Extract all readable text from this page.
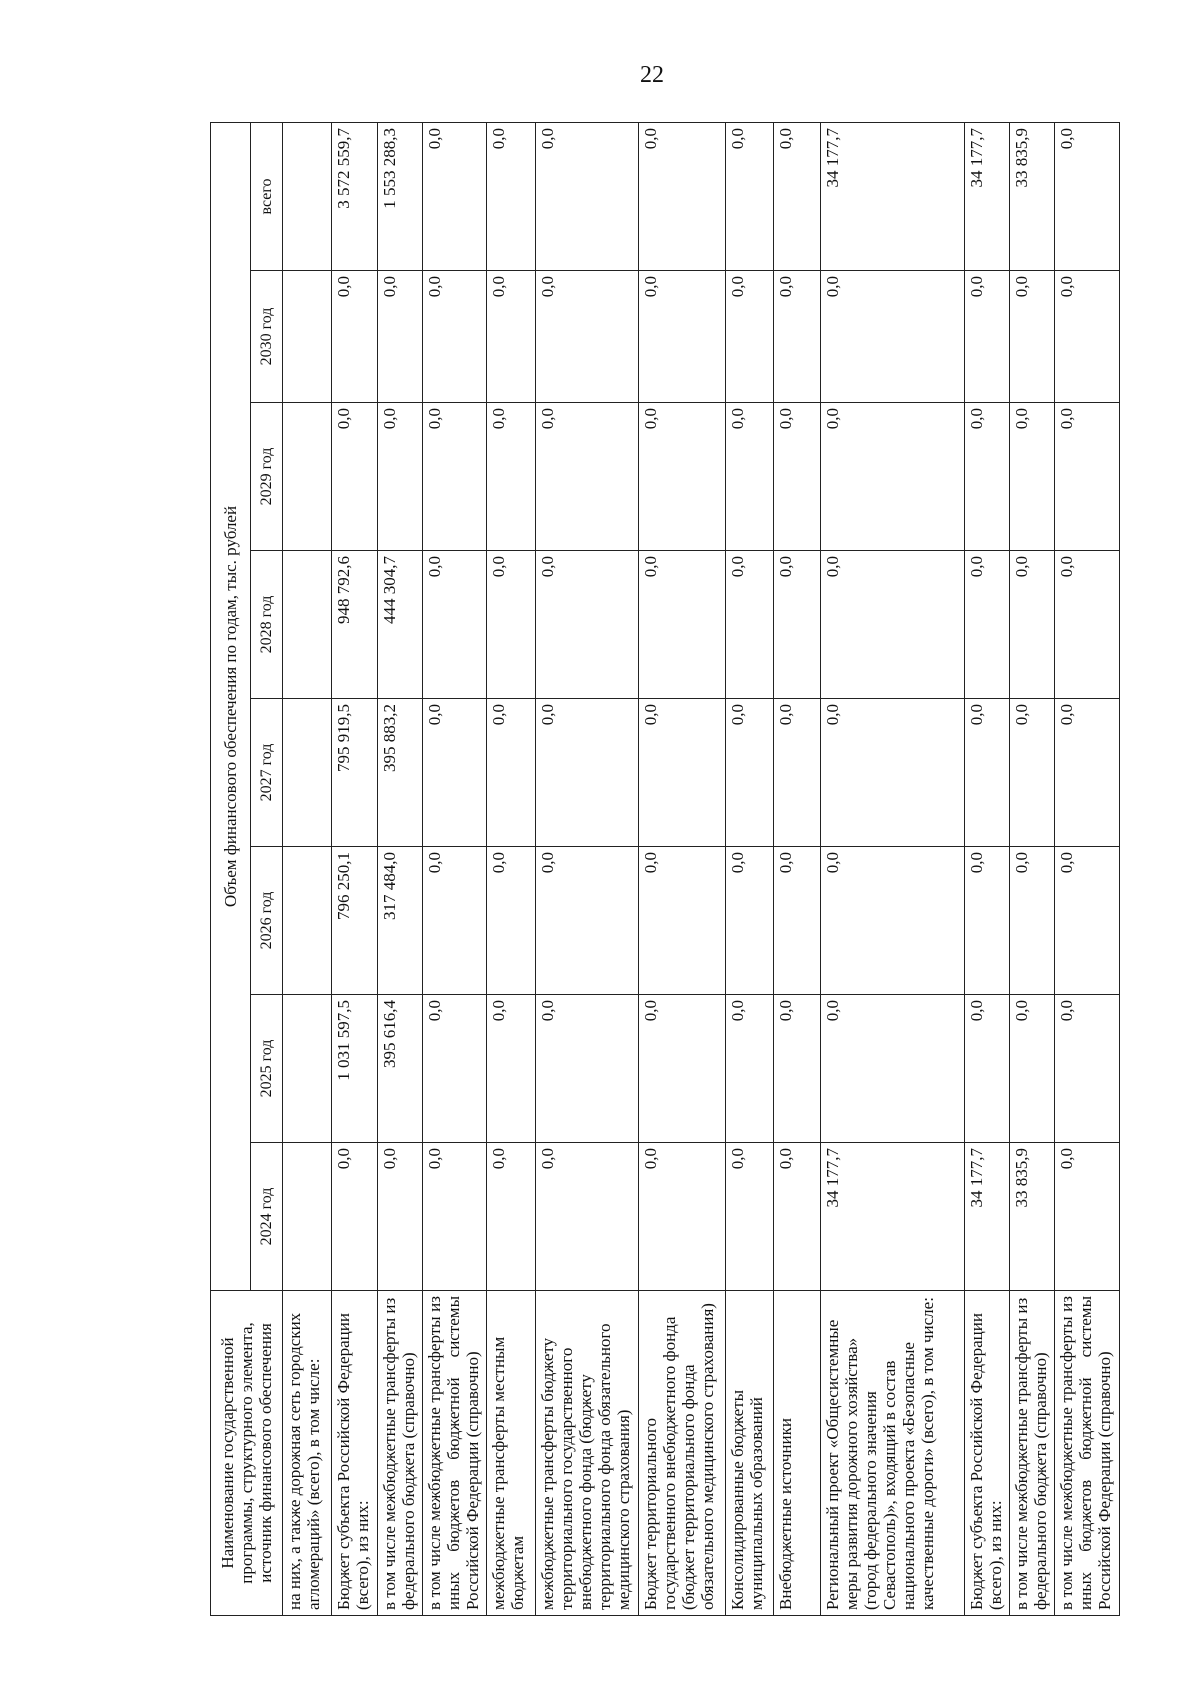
22
Наименование государственной программы, структурного элемента, источник финансового обеспечения	Объем финансового обеспечения по годам, тыс. рублей							
	2024 год	2025 год	2026 год	2027 год	2028 год	2029 год	2030 год	всего
на них, а также дорожная сеть городских агломераций» (всего), в том числе:								
Бюджет субъекта Российской Федерации (всего), из них:	0,0	1 031 597,5	796 250,1	795 919,5	948 792,6	0,0	0,0	3 572 559,7
в том числе межбюджетные трансферты из федерального бюджета (справочно)	0,0	395 616,4	317 484,0	395 883,2	444 304,7	0,0	0,0	1 553 288,3
в том числе межбюджетные трансферты из иных бюджетов бюджетной системы Российской Федерации (справочно)	0,0	0,0	0,0	0,0	0,0	0,0	0,0	0,0
межбюджетные трансферты местным бюджетам	0,0	0,0	0,0	0,0	0,0	0,0	0,0	0,0
межбюджетные трансферты бюджету территориального государственного внебюджетного фонда (бюджету территориального фонда обязательного медицинского страхования)	0,0	0,0	0,0	0,0	0,0	0,0	0,0	0,0
Бюджет территориального государственного внебюджетного фонда (бюджет территориального фонда обязательного медицинского страхования)	0,0	0,0	0,0	0,0	0,0	0,0	0,0	0,0
Консолидированные бюджеты муниципальных образований	0,0	0,0	0,0	0,0	0,0	0,0	0,0	0,0
Внебюджетные источники	0,0	0,0	0,0	0,0	0,0	0,0	0,0	0,0
Региональный проект «Общесистемные меры развития дорожного хозяйства» (город федерального значения Севастополь)», входящий в состав национального проекта «Безопасные качественные дороги» (всего), в том числе:	34 177,7	0,0	0,0	0,0	0,0	0,0	0,0	34 177,7
Бюджет субъекта Российской Федерации (всего), из них:	34 177,7	0,0	0,0	0,0	0,0	0,0	0,0	34 177,7
в том числе межбюджетные трансферты из федерального бюджета (справочно)	33 835,9	0,0	0,0	0,0	0,0	0,0	0,0	33 835,9
в том числе межбюджетные трансферты из иных бюджетов бюджетной системы Российской Федерации (справочно)	0,0	0,0	0,0	0,0	0,0	0,0	0,0	0,0
